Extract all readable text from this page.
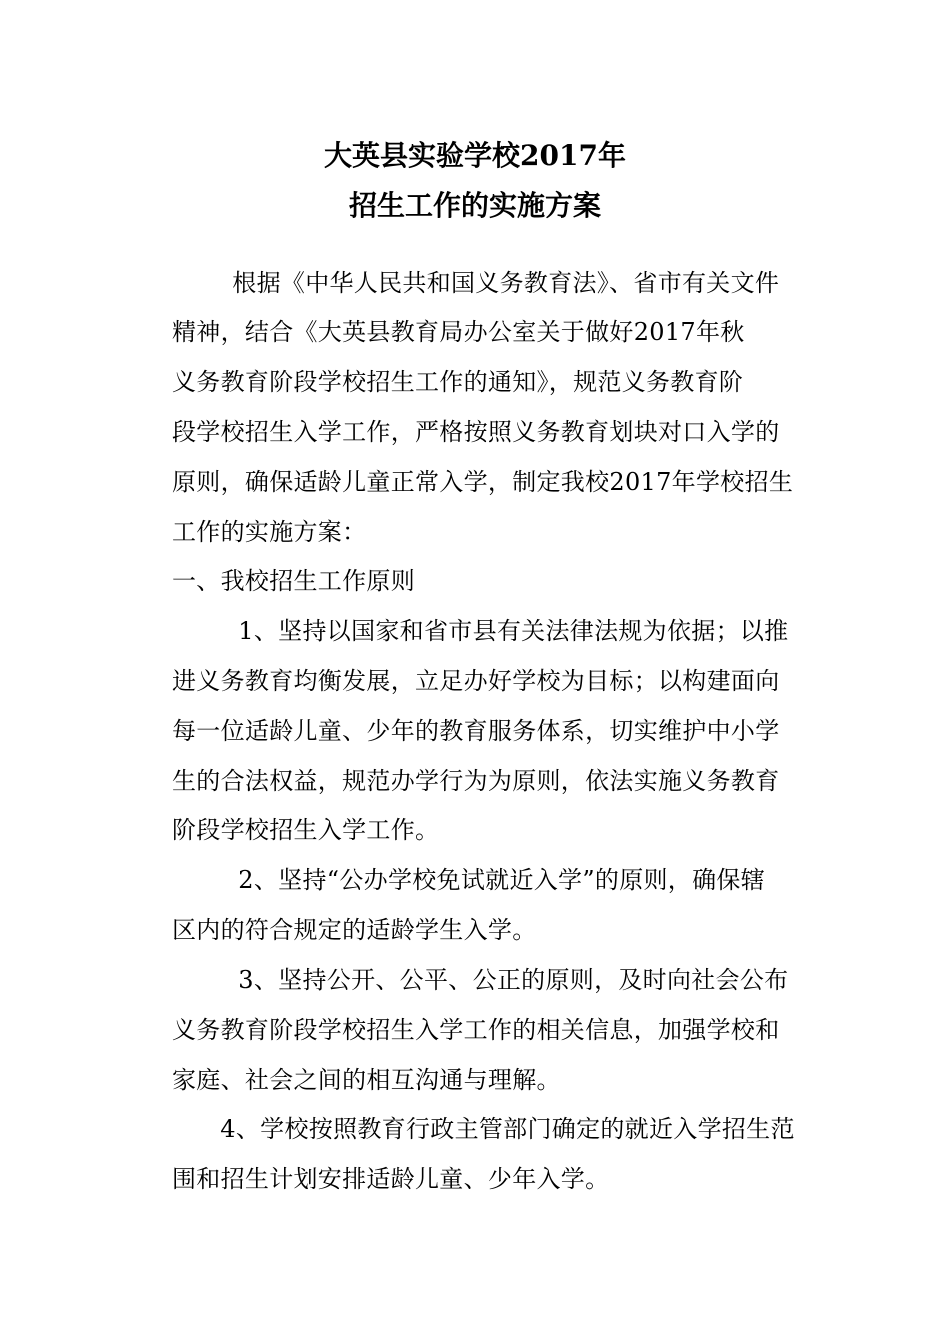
大英县实验学校2017年
招生工作的实施方案
　根据《中华人民共和国义务教育法》、省市有关文件
精神，结合《大英县教育局办公室关于做好2017年秋
义务教育阶段学校招生工作的通知》，规范义务教育阶
段学校招生入学工作，严格按照义务教育划块对口入学的
原则，确保适龄儿童正常入学，制定我校2017年学校招生
工作的实施方案：
一、我校招生工作原则
　1、坚持以国家和省市县有关法律法规为依据；以推
进义务教育均衡发展，立足办好学校为目标；以构建面向
每一位适龄儿童、少年的教育服务体系，切实维护中小学
生的合法权益，规范办学行为为原则，依法实施义务教育
阶段学校招生入学工作。
　2、坚持“公办学校免试就近入学”的原则，确保辖
区内的符合规定的适龄学生入学。
　3、坚持公开、公平、公正的原则，及时向社会公布
义务教育阶段学校招生入学工作的相关信息，加强学校和
家庭、社会之间的相互沟通与理解。
　4、学校按照教育行政主管部门确定的就近入学招生范
围和招生计划安排适龄儿童、少年入学。
